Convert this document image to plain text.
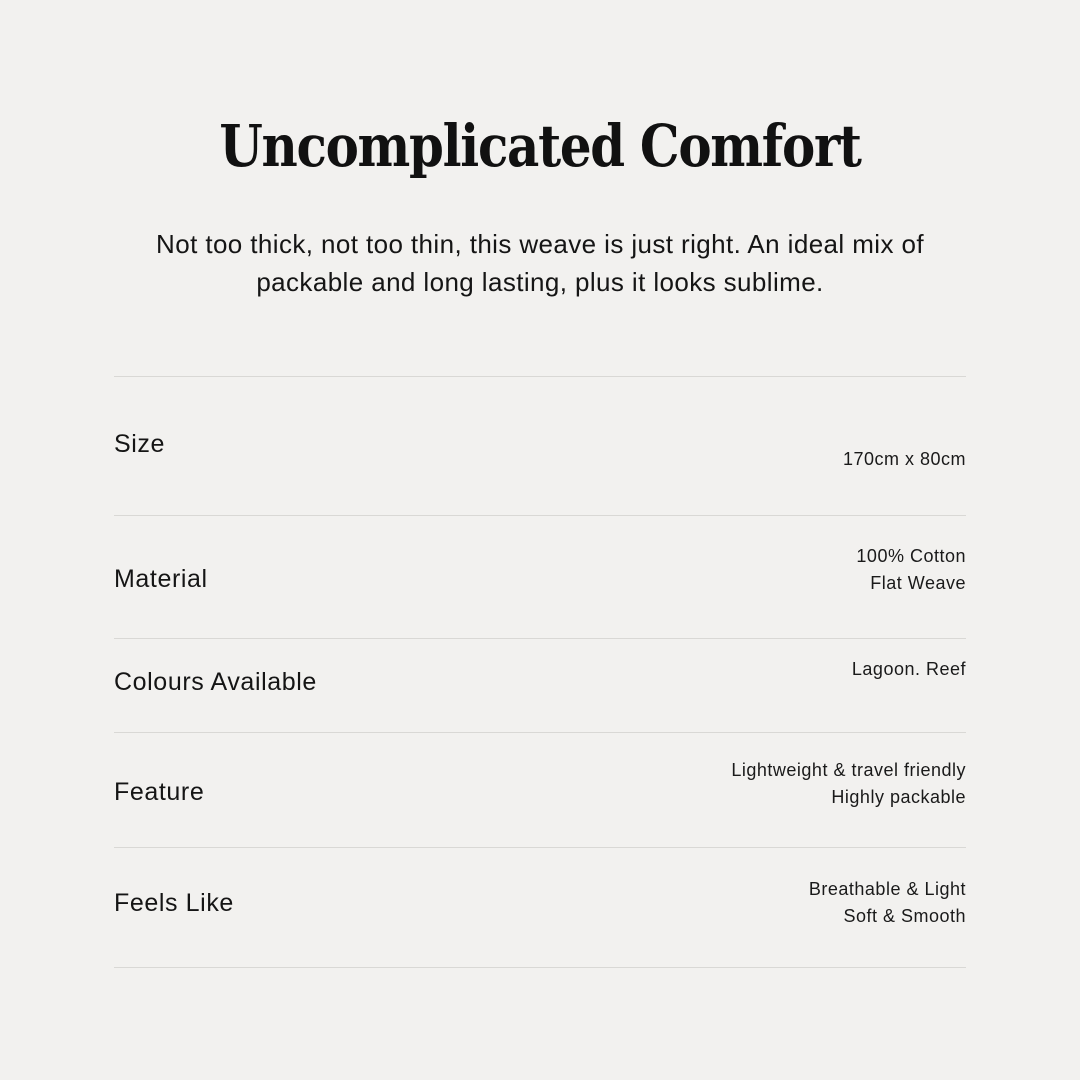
Uncomplicated Comfort

Not too thick, not too thin, this weave is just right. An ideal mix of packable and long lasting, plus it looks sublime.

Size
170cm x 80cm
Material
100% Cotton
Flat Weave
Colours Available	Lagoon. Reef
Feature
Lightweight & travel friendly
Highly packable
Feels Like	Breathable & Light
Soft & Smooth
